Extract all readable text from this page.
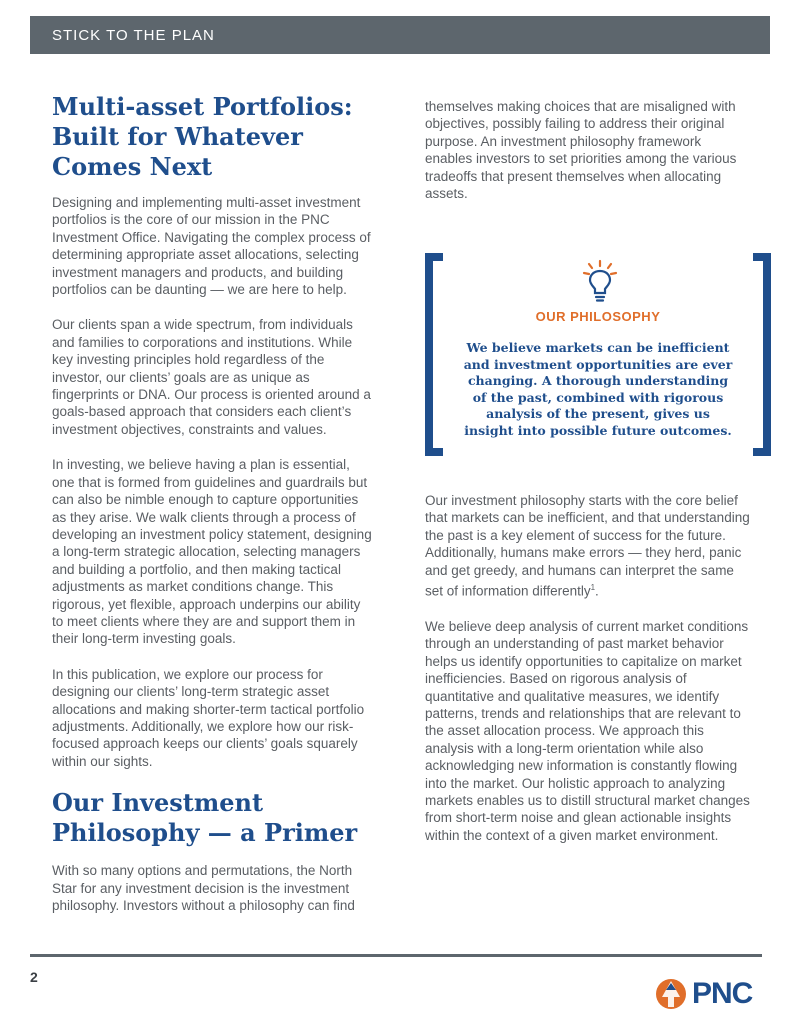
STICK TO THE PLAN
Multi-asset Portfolios: Built for Whatever Comes Next

Designing and implementing multi-asset investment portfolios is the core of our mission in the PNC Investment Office. Navigating the complex process of determining appropriate asset allocations, selecting investment managers and products, and building portfolios can be daunting — we are here to help.

Our clients span a wide spectrum, from individuals and families to corporations and institutions. While key investing principles hold regardless of the investor, our clients’ goals are as unique as fingerprints or DNA. Our process is oriented around a goals-based approach that considers each client’s investment objectives, constraints and values.

In investing, we believe having a plan is essential, one that is formed from guidelines and guardrails but can also be nimble enough to capture opportunities as they arise. We walk clients through a process of developing an investment policy statement, designing a long-term strategic allocation, selecting managers and building a portfolio, and then making tactical adjustments as market conditions change. This rigorous, yet flexible, approach underpins our ability to meet clients where they are and support them in their long-term investing goals.

In this publication, we explore our process for designing our clients’ long-term strategic asset allocations and making shorter-term tactical portfolio adjustments. Additionally, we explore how our risk-focused approach keeps our clients’ goals squarely within our sights.

Our Investment Philosophy — a Primer

With so many options and permutations, the North Star for any investment decision is the investment philosophy. Investors without a philosophy can find

themselves making choices that are misaligned with objectives, possibly failing to address their original purpose. An investment philosophy framework enables investors to set priorities among the various tradeoffs that present themselves when allocating assets.

OUR PHILOSOPHY

We believe markets can be inefficient and investment opportunities are ever changing. A thorough understanding of the past, combined with rigorous analysis of the present, gives us insight into possible future outcomes.

Our investment philosophy starts with the core belief that markets can be inefficient, and that understanding the past is a key element of success for the future. Additionally, humans make errors — they herd, panic and get greedy, and humans can interpret the same set of information differently$^1$.

We believe deep analysis of current market conditions through an understanding of past market behavior helps us identify opportunities to capitalize on market inefficiencies. Based on rigorous analysis of quantitative and qualitative measures, we identify patterns, trends and relationships that are relevant to the asset allocation process. We approach this analysis with a long-term orientation while also acknowledging new information is constantly flowing into the market. Our holistic approach to analyzing markets enables us to distill structural market changes from short-term noise and glean actionable insights within the context of a given market environment.

2	PNC
